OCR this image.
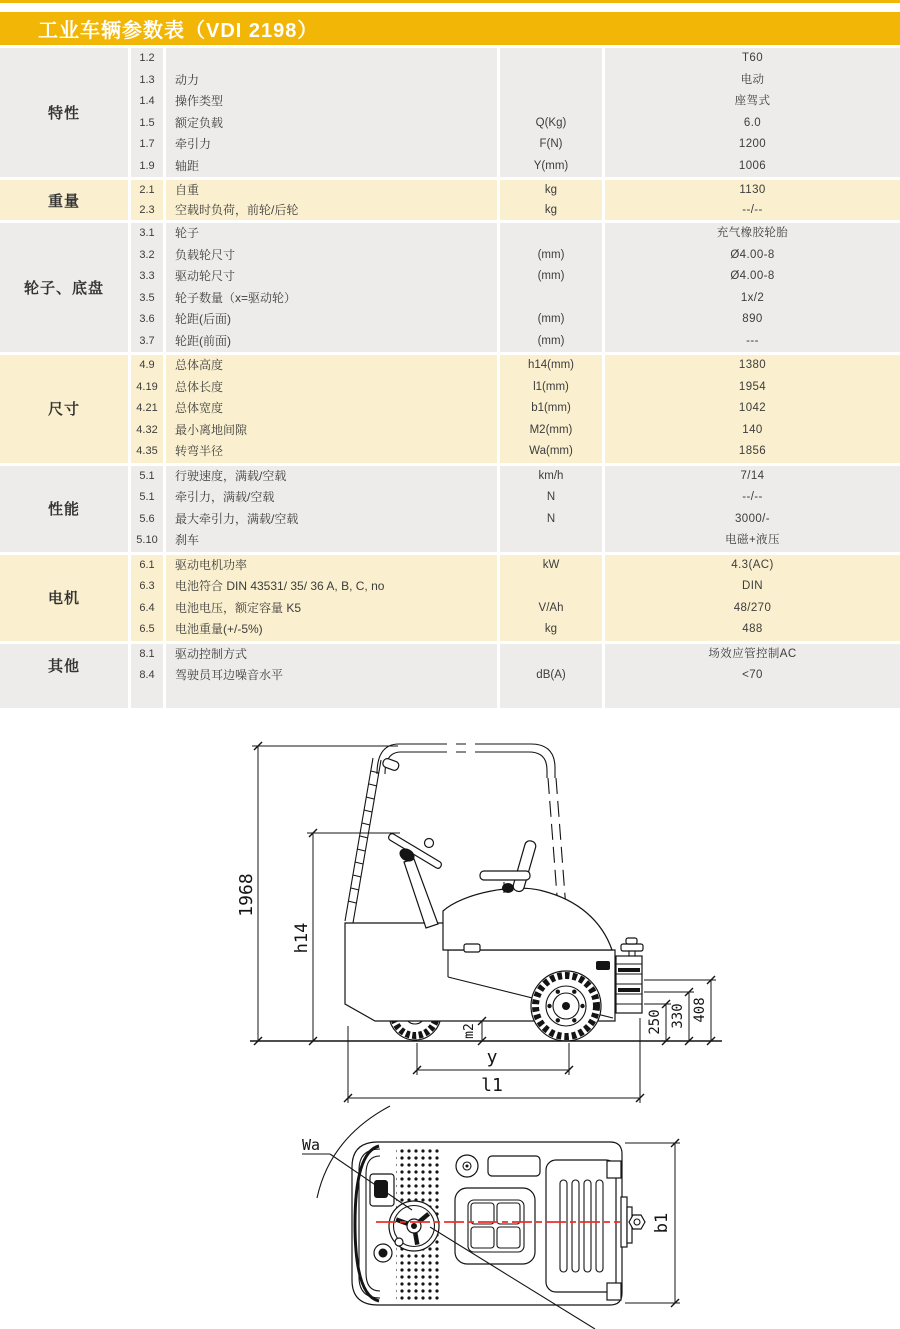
工业车辆参数表（VDI 2198）
特性
1.2
1.3
1.4
1.5
1.7
1.9
动力
操作类型
额定负载
牵引力
轴距
Q(Kg)
F(N)
Y(mm)
T60
电动
座驾式
6.0
1200
1006
重量
2.1
2.3
自重
空载时负荷，前轮/后轮
kg
kg
1130
--/--
轮子、底盘
3.1
3.2
3.3
3.5
3.6
3.7
轮子
负载轮尺寸
驱动轮尺寸
轮子数量（x=驱动轮）
轮距(后面)
轮距(前面)
(mm)
(mm)
(mm)
(mm)
充气橡胶轮胎
Ø4.00-8
Ø4.00-8
1x/2
890
---
尺寸
4.9
4.19
4.21
4.32
4.35
总体高度
总体长度
总体宽度
最小离地间隙
转弯半径
h14(mm)
l1(mm)
b1(mm)
M2(mm)
Wa(mm)
1380
1954
1042
140
1856
性能
5.1
5.1
5.6
5.10
行驶速度，满载/空载
牵引力，满载/空载
最大牵引力，满载/空载
刹车
km/h
N
N
7/14
--/--
3000/-
电磁+液压
电机
6.1
6.3
6.4
6.5
驱动电机功率
电池符合 DIN 43531/ 35/ 36 A, B, C, no
电池电压，额定容量 K5
电池重量(+/-5%)
kW
V/Ah
kg
4.3(AC)
DIN
48/270
488
其他
8.1
8.4
驱动控制方式
驾驶员耳边噪音水平	dB(A)
场效应管控制AC
<70
1968
h14
m2
y
l1
250 330 408
Wa
b1
